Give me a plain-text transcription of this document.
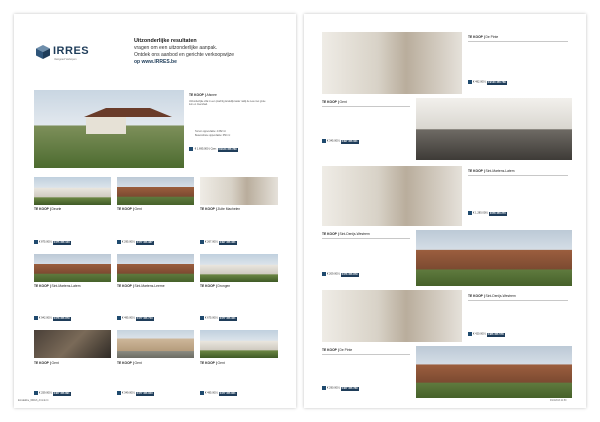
IRRES
Vastgoed Verkopen
Uitzonderlijke resultaten
vragen om een uitzonderlijke aanpak.
Ontdek ons aanbod en gerichte verkoopwijze
op www.IRRES.be
TE KOOP | Afsnee
Uitzonderlijke villa in een prachtig landelijk kader nabij de Leie met grote tuin en zwembad.
Terrein oppervlakte: 4.682 m²
Bewoonbare oppervlakte: 650 m²
€ 1.695.000 | Cam 04/123 456 789
TE KOOP | Deurle	TE KOOP | Gent	TE KOOP | Zulte Machelen
€ 875.000 | 0475 456 123	€ 295.000 | 0477 456 987	€ 267.000 | 0497 456 321
TE KOOP | Sint-Martens-Latem	TE KOOP | Sint-Martens-Leerne	TE KOOP | Drongen
€ 942.000 | 0478 456 879	€ 495.000 | 0477 456 743	€ 675.000 | 0477 456 321
TE KOOP | Gent	TE KOOP | Gent	TE KOOP | Gent
€ 259.000 | 0467 456 891	€ 349.000 | 0477 456 843	€ 495.000 | 0477 456 821
ExtraEditie_IRRES_A3.indd 4
TE KOOP | De Pinte
€ 492.000 | 04/123 456 789
TE KOOP | Gent
€ 345.000 | 0497 456 021
TE KOOP | Sint-Martens-Latem
€ 1.285.000 | 0478 456 270
TE KOOP | Sint-Denijs-Westrem
€ 209.000 | 0476 456 879
TE KOOP | Sint-Denijs-Westrem
€ 420.000 | 0486 456 578
TE KOOP | De Pinte
€ 290.000 | 0467 456 789
9/10/2013 11:50
